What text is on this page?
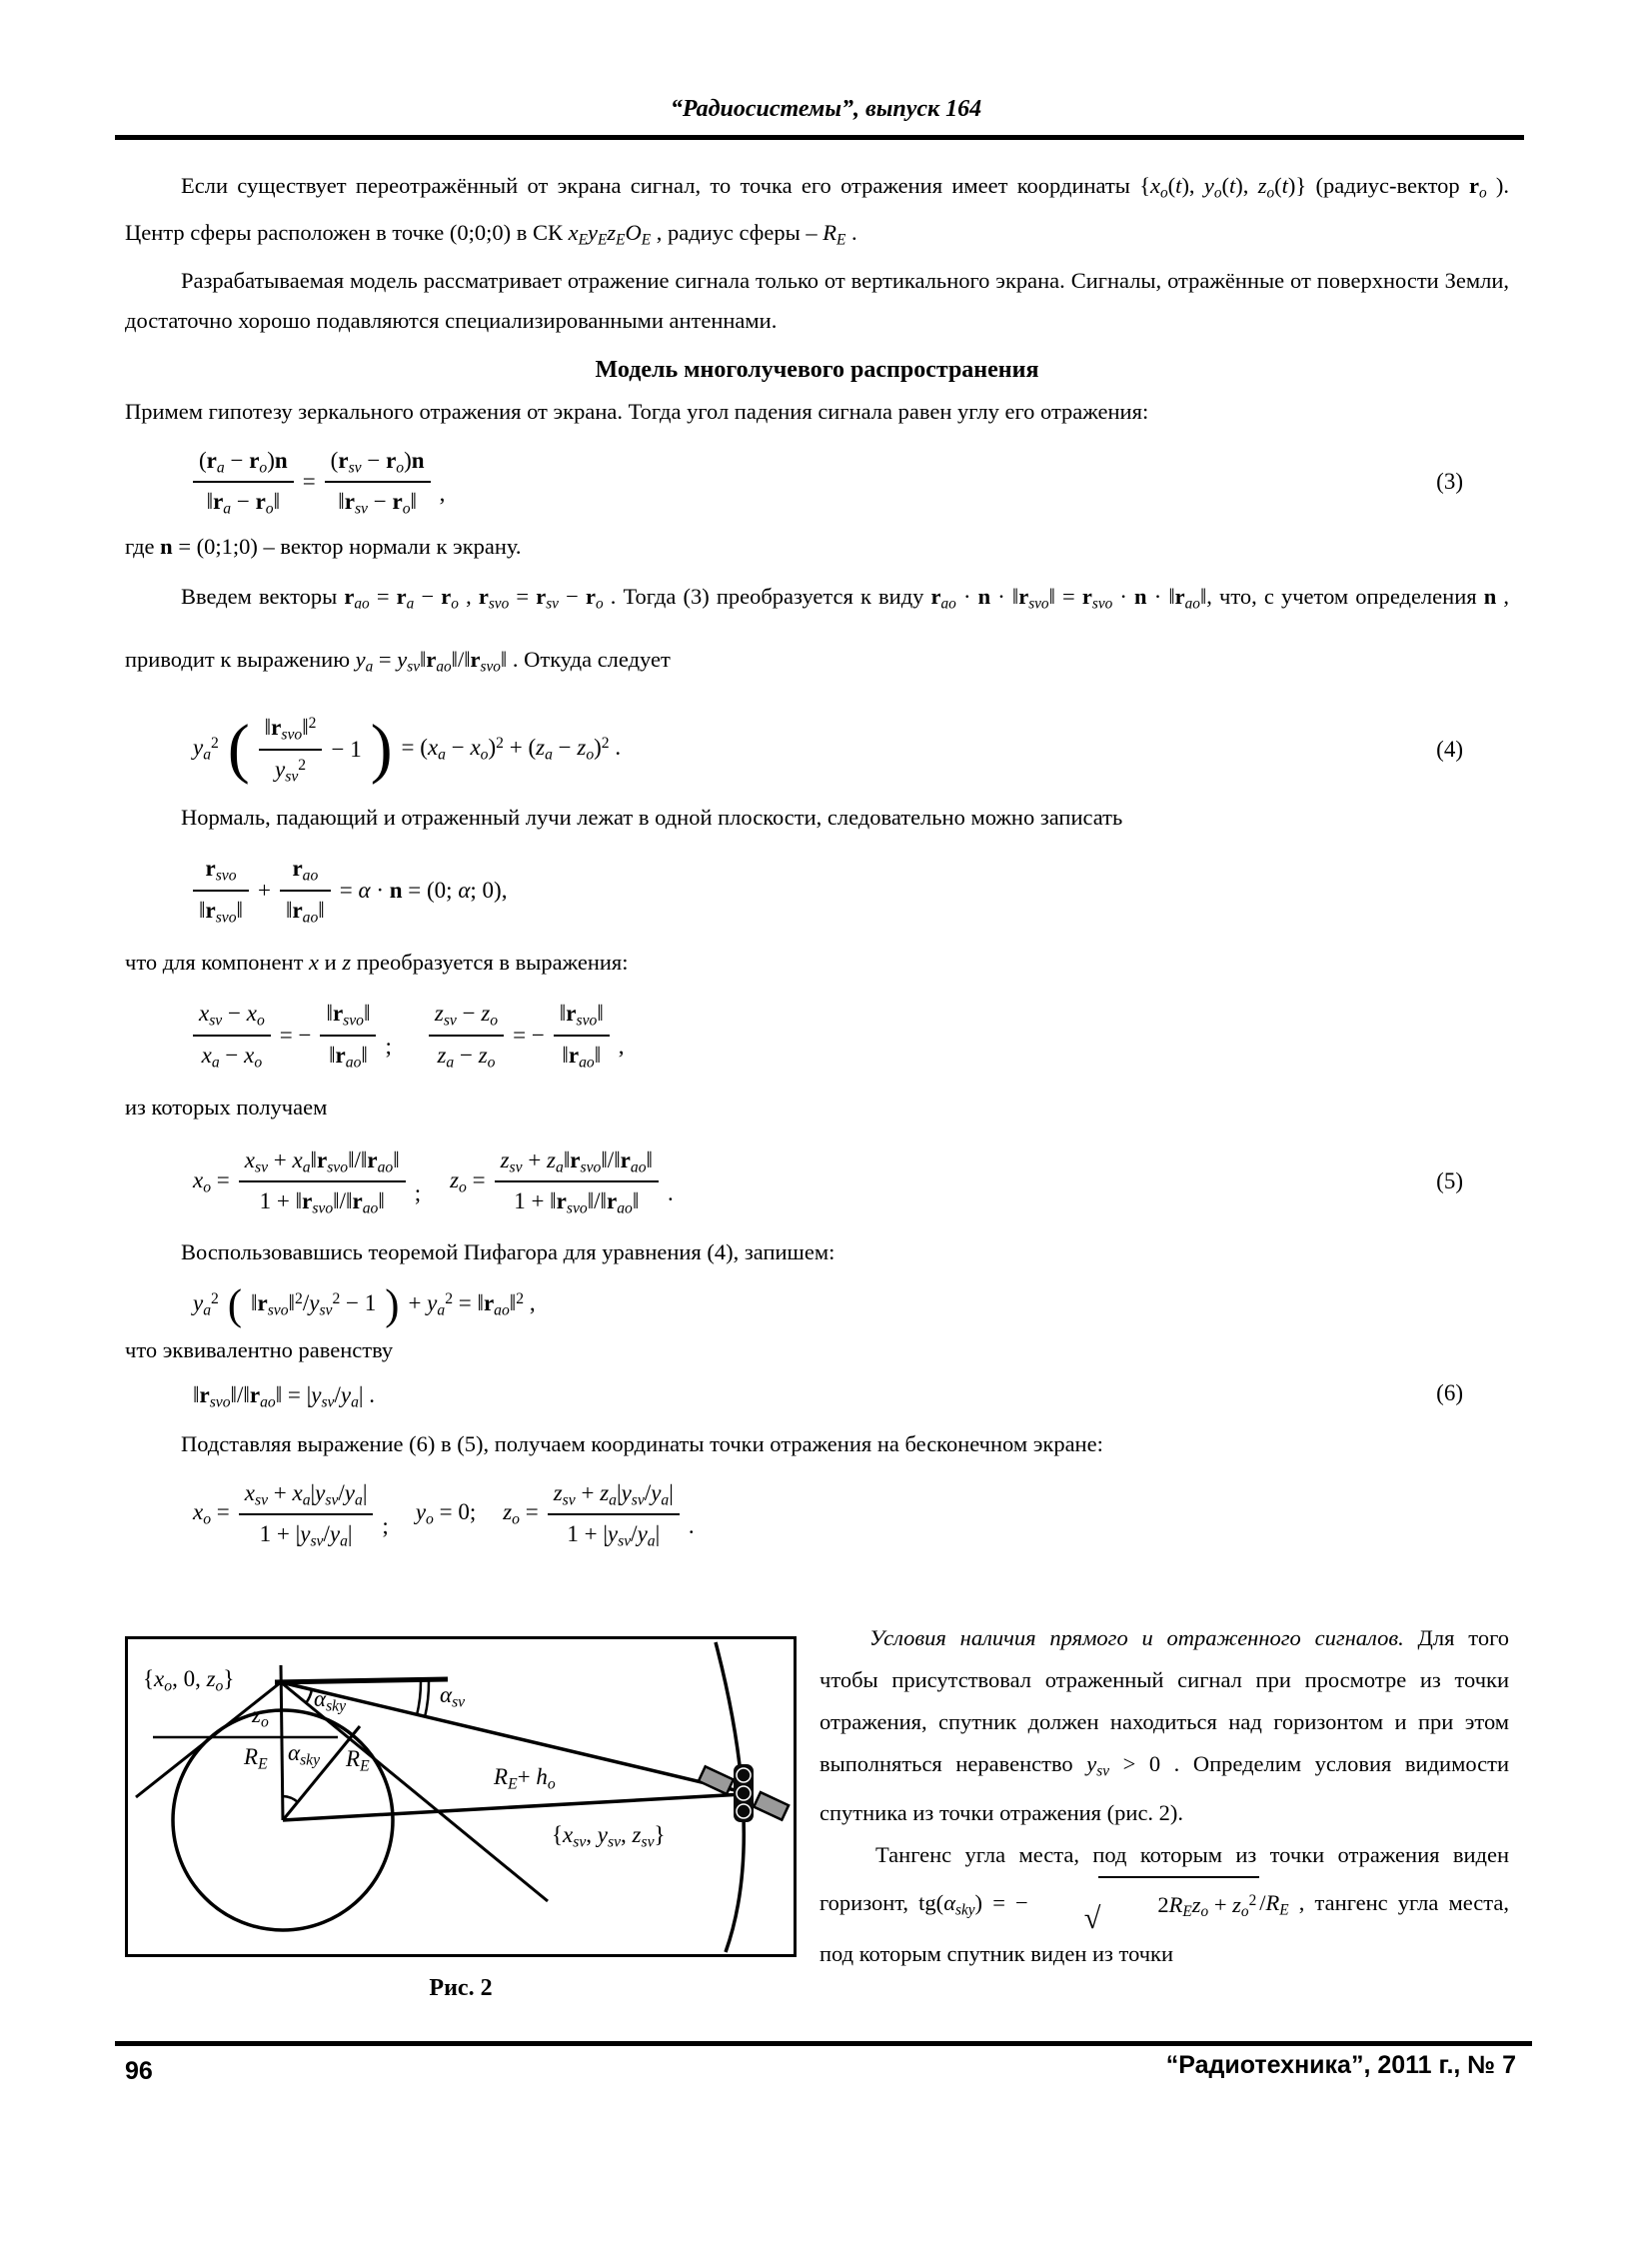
“Радиосистемы”, выпуск 164

Если существует переотражённый от экрана сигнал, то точка его отражения имеет координаты {$x_o(t)$, $y_o(t)$, $z_o(t)$} (радиус-вектор $r_o$ ). Центр сферы расположен в точке (0;0;0) в СК $x_Ey_Ez_EO_E$ , радиус сферы – $R_E$ .

Разрабатываемая модель рассматривает отражение сигнала только от вертикального экрана. Сигналы, отражённые от поверхности Земли, достаточно хорошо подавляются специализированными антеннами.

Модель многолучевого распространения

Примем гипотезу зеркального отражения от экрана. Тогда угол падения сигнала равен углу его отражения:

$\frac{(r_a - r_o)n}{‖r_a - r_o‖} = \frac{(r_{sv} - r_o)n}{‖r_{sv} - r_o‖}$ ,	(3)

где n = (0;1;0) – вектор нормали к экрану.

Введем векторы $r_{ao} = r_a - r_o$ , $r_{svo} = r_{sv} - r_o$ . Тогда (3) преобразуется к виду $r_{ao} \cdot n$ · $‖r_{svo}‖ = r_{svo} \cdot n$ · $‖r_{ao}‖$, что, с учетом определения n , приводит к выражению $y_a$ = $y_{sv}‖r_{ao}‖/‖r_{svo}‖$ . Откуда следует

$y_a^2$ ( $\frac{‖r_{svo}‖^2}{y_{sv}^2} - 1$ ) = $(x_a - x_o)^2 + (z_a - z_o)^2$ .	(4)

Нормаль, падающий и отраженный лучи лежат в одной плоскости, следовательно можно записать

$\frac{r_{svo}}{‖r_{svo}‖} + \frac{r_{ao}}{‖r_{ao}‖} = \alpha \cdot n = (0$; α; 0),

что для компонент x и z преобразуется в выражения:

$\frac{x_{sv} - x_o}{x_a - x_o}$ = − $\frac{‖r_{svo}‖}{‖r_{ao}‖}$ ; $\frac{z_{sv} - z_o}{z_a - z_o}$ = − $\frac{‖r_{svo}‖}{‖r_{ao}‖}$ ,

из которых получаем

$x_o = \frac{x_{sv} + x_a‖r_{svo}‖/‖r_{ao}‖}{1 + ‖r_{svo}‖/‖r_{ao}‖}$ ;
$z_o = \frac{z_{sv} + z_a‖r_{svo}‖/‖r_{ao}‖}{1 + ‖r_{svo}‖/‖r_{ao}‖}$ .	(5)

Воспользовавшись теоремой Пифагора для уравнения (4), запишем:

$y_a^2$ ( $‖r_{svo}‖^2/y_{sv}^2 - 1$ ) + $y_a^2$ = $‖r_{ao}‖^2$ ,

что эквивалентно равенству

$‖r_{svo}‖/‖r_{ao}‖ = |y_{sv}/y_a|$ .	(6)

Подставляя выражение (6) в (5), получаем координаты точки отражения на бесконечном экране:

$x_o = \frac{x_{sv} + x_a|y_{sv}/y_a|}{1 + |y_{sv}/y_a|}$ ;
$y_o = 0$; $z_o = \frac{z_{sv} + z_a|y_{sv}/y_a|}{1 + |y_{sv}/y_a|}$ .
{$x_o$, 0, $z_o$}
$z_o$
$\alpha_{sky}$	$\alpha_{sv}$
$R_E$ $\alpha_{sky}$ $R_E$	$R_E+ h_o$
{$x_{sv}$, $y_{sv}$, $z_{sv}$}
Рис. 2

Условия наличия прямого и отраженного сигналов. Для того чтобы присутствовал отраженный сигнал при просмотре из точки отражения, спутник должен находиться над горизонтом и при этом выполняться неравенство $y_{sv} > 0$ . Определим условия видимости спутника из точки отражения (рис. 2).

Тангенс угла места, под которым из точки отражения виден горизонт, $tg(\alpha_{sky})$ = −	√	$2R_Ez_o + z_o^2$ $/R_E$ , тангенс угла места, под которым спутник виден из точки

96	“Радиотехника”, 2011 г., № 7
